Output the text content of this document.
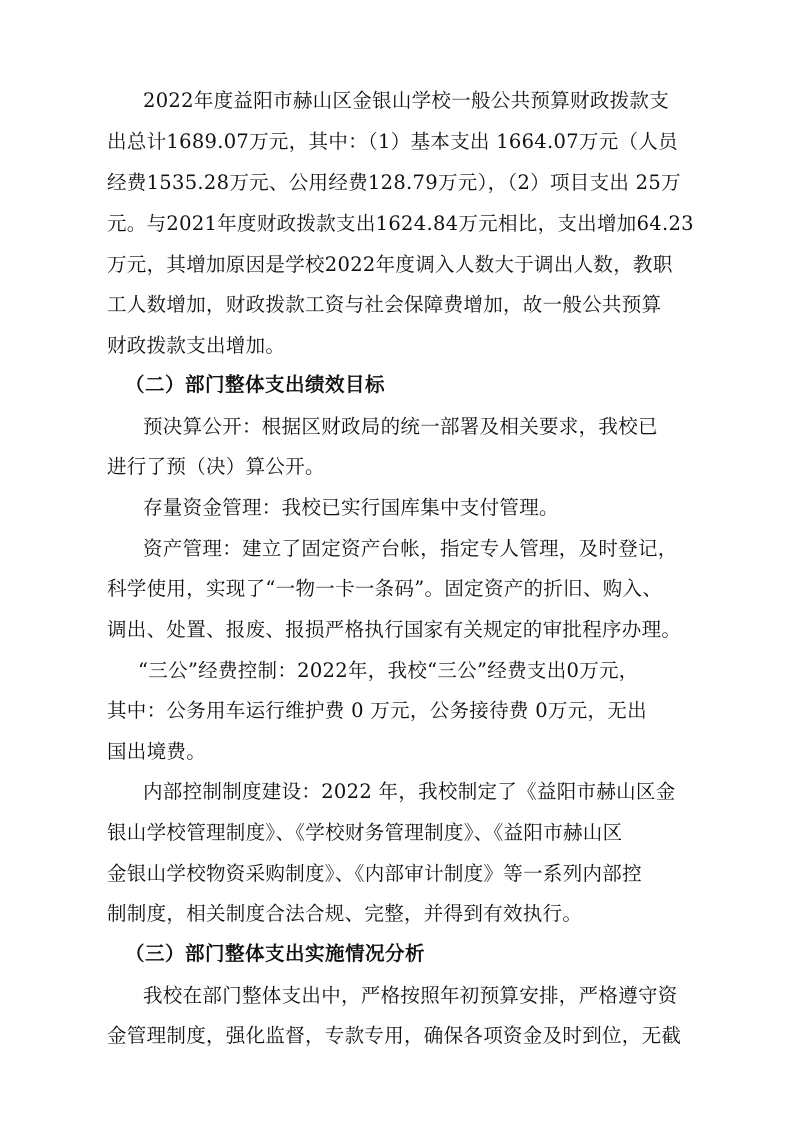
2022年度益阳市赫山区金银山学校一般公共预算财政拨款支
出总计1689.07万元，其中：（1）基本支出 1664.07万元（人员
经费1535.28万元、公用经费128.79万元），（2）项目支出 25万
元。与2021年度财政拨款支出1624.84万元相比，支出增加64.23
万元，其增加原因是学校2022年度调入人数大于调出人数，教职
工人数增加，财政拨款工资与社会保障费增加，故一般公共预算
财政拨款支出增加。
（二）部门整体支出绩效目标
预决算公开：根据区财政局的统一部署及相关要求，我校已
进行了预（决）算公开。
存量资金管理：我校已实行国库集中支付管理。
资产管理：建立了固定资产台帐，指定专人管理，及时登记，
科学使用，实现了“一物一卡一条码”。固定资产的折旧、购入、
调出、处置、报废、报损严格执行国家有关规定的审批程序办理。
“三公”经费控制：2022年，我校“三公”经费支出0万元，
其中：公务用车运行维护费 0 万元，公务接待费 0万元，无出
国出境费。
内部控制制度建设：2022 年，我校制定了《益阳市赫山区金
银山学校管理制度》、《学校财务管理制度》、《益阳市赫山区
金银山学校物资采购制度》、《内部审计制度》等一系列内部控
制制度，相关制度合法合规、完整，并得到有效执行。
（三）部门整体支出实施情况分析
我校在部门整体支出中，严格按照年初预算安排，严格遵守资
金管理制度，强化监督，专款专用，确保各项资金及时到位，无截
